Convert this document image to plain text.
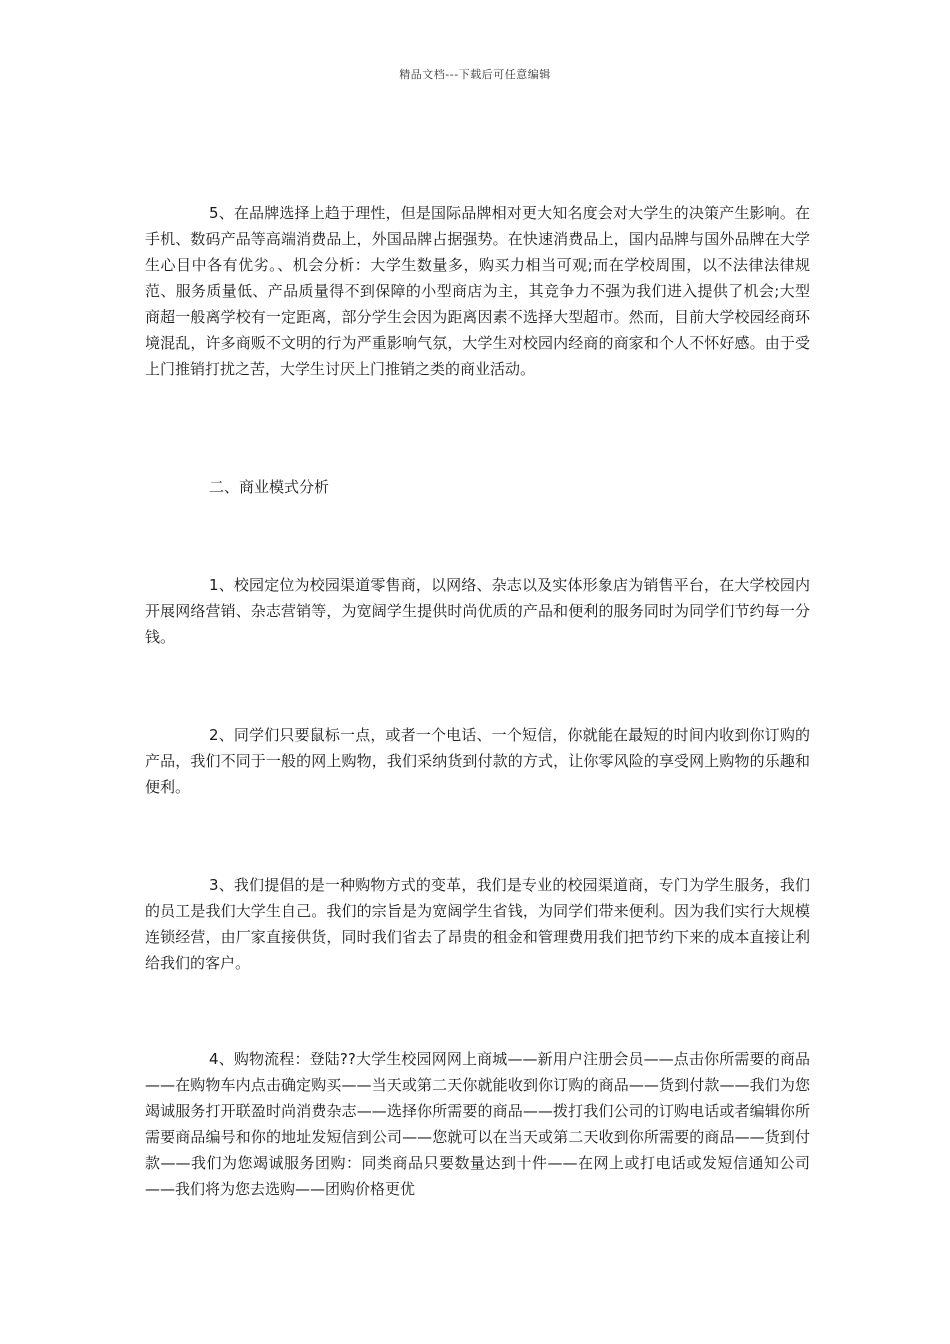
精品文档---下载后可任意编辑

5、在品牌选择上趋于理性，但是国际品牌相对更大知名度会对大学生的决策产生影响。在手机、数码产品等高端消费品上，外国品牌占据强势。在快速消费品上，国内品牌与国外品牌在大学生心目中各有优劣。、机会分析：大学生数量多，购买力相当可观;而在学校周围，以不法律法律规范、服务质量低、产品质量得不到保障的小型商店为主，其竞争力不强为我们进入提供了机会;大型商超一般离学校有一定距离，部分学生会因为距离因素不选择大型超市。然而，目前大学校园经商环境混乱，许多商贩不文明的行为严重影响气氛，大学生对校园内经商的商家和个人不怀好感。由于受上门推销打扰之苦，大学生讨厌上门推销之类的商业活动。

二、商业模式分析

1、校园定位为校园渠道零售商，以网络、杂志以及实体形象店为销售平台，在大学校园内开展网络营销、杂志营销等，为宽阔学生提供时尚优质的产品和便利的服务同时为同学们节约每一分钱。

2、同学们只要鼠标一点，或者一个电话、一个短信，你就能在最短的时间内收到你订购的产品，我们不同于一般的网上购物，我们采纳货到付款的方式，让你零风险的享受网上购物的乐趣和便利。

3、我们提倡的是一种购物方式的变革，我们是专业的校园渠道商，专门为学生服务，我们的员工是我们大学生自己。我们的宗旨是为宽阔学生省钱，为同学们带来便利。因为我们实行大规模连锁经营，由厂家直接供货，同时我们省去了昂贵的租金和管理费用我们把节约下来的成本直接让利给我们的客户。

4、购物流程：登陆??大学生校园网网上商城——新用户注册会员——点击你所需要的商品——在购物车内点击确定购买——当天或第二天你就能收到你订购的商品——货到付款——我们为您竭诚服务打开联盈时尚消费杂志——选择你所需要的商品——拨打我们公司的订购电话或者编辑你所需要商品编号和你的地址发短信到公司——您就可以在当天或第二天收到你所需要的商品——货到付款——我们为您竭诚服务团购：同类商品只要数量达到十件——在网上或打电话或发短信通知公司——我们将为您去选购——团购价格更优
